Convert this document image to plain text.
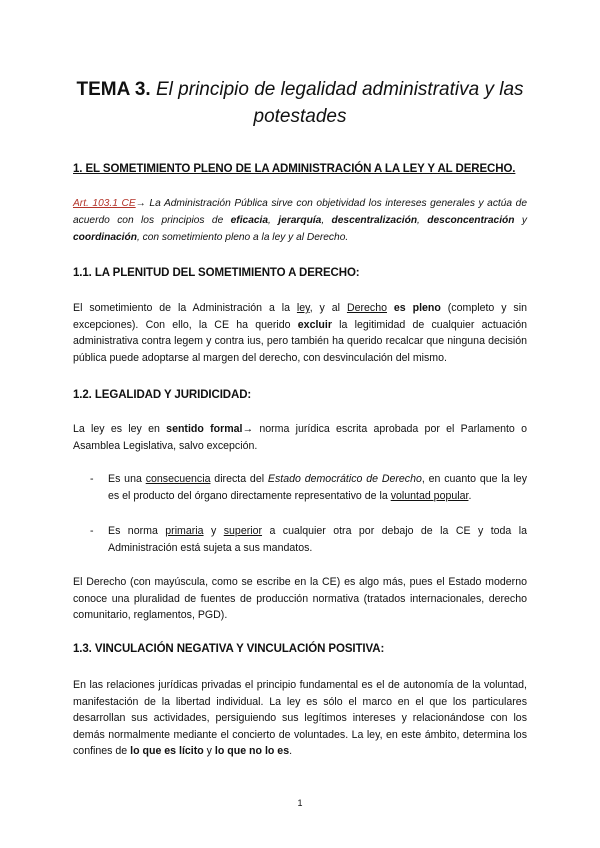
TEMA 3. El principio de legalidad administrativa y las
potestades
1. EL SOMETIMIENTO PLENO DE LA ADMINISTRACIÓN A LA LEY Y AL DERECHO.
Art. 103.1 CE→ La Administración Pública sirve con objetividad los intereses generales y actúa de acuerdo con los principios de eficacia, jerarquía, descentralización, desconcentración y coordinación, con sometimiento pleno a la ley y al Derecho.
1.1. LA PLENITUD DEL SOMETIMIENTO A DERECHO:
El sometimiento de la Administración a la ley, y al Derecho es pleno (completo y sin excepciones). Con ello, la CE ha querido excluir la legitimidad de cualquier actuación administrativa contra legem y contra ius, pero también ha querido recalcar que ninguna decisión pública puede adoptarse al margen del derecho, con desvinculación del mismo.
1.2. LEGALIDAD Y JURIDICIDAD:
La ley es ley en sentido formal→ norma jurídica escrita aprobada por el Parlamento o Asamblea Legislativa, salvo excepción.
- Es una consecuencia directa del Estado democrático de Derecho, en cuanto que la ley es el producto del órgano directamente representativo de la voluntad popular.
- Es norma primaria y superior a cualquier otra por debajo de la CE y toda la Administración está sujeta a sus mandatos.
El Derecho (con mayúscula, como se escribe en la CE) es algo más, pues el Estado moderno conoce una pluralidad de fuentes de producción normativa (tratados internacionales, derecho comunitario, reglamentos, PGD).
1.3. VINCULACIÓN NEGATIVA Y VINCULACIÓN POSITIVA:
En las relaciones jurídicas privadas el principio fundamental es el de autonomía de la voluntad, manifestación de la libertad individual. La ley es sólo el marco en el que los particulares desarrollan sus actividades, persiguiendo sus legítimos intereses y relacionándose con los demás normalmente mediante el concierto de voluntades. La ley, en este ámbito, determina los confines de lo que es lícito y lo que no lo es.
1
